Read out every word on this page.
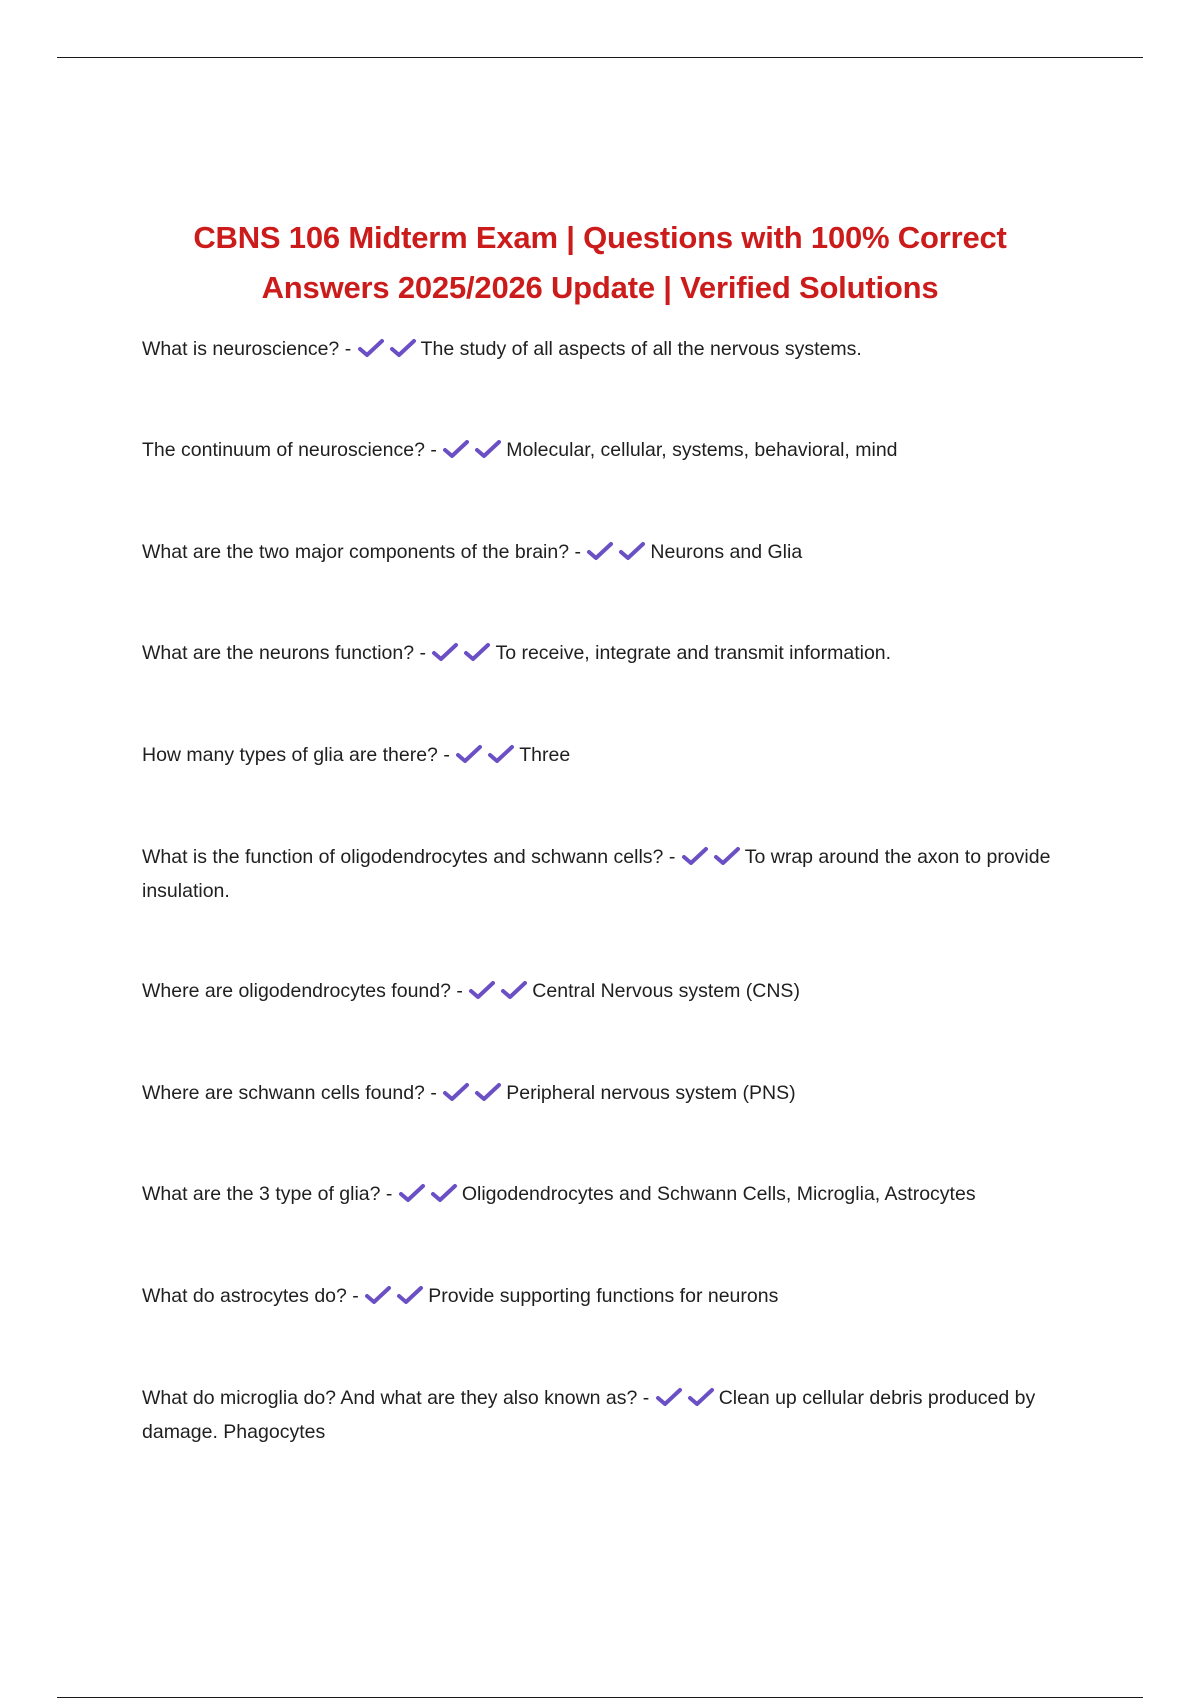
CBNS 106 Midterm Exam | Questions with 100% Correct
Answers 2025/2026 Update | Verified Solutions
What is neuroscience? -	The study of all aspects of all the nervous systems.
The continuum of neuroscience? -	Molecular, cellular, systems, behavioral, mind
What are the two major components of the brain? -	Neurons and Glia
What are the neurons function? -	To receive, integrate and transmit information.
How many types of glia are there? -	Three
What is the function of oligodendrocytes and schwann cells? -	To wrap around the axon to provide insulation.
Where are oligodendrocytes found? -	Central Nervous system (CNS)
Where are schwann cells found? -	Peripheral nervous system (PNS)
What are the 3 type of glia? -	Oligodendrocytes and Schwann Cells, Microglia, Astrocytes
What do astrocytes do? -	Provide supporting functions for neurons
What do microglia do? And what are they also known as? -	Clean up cellular debris produced by damage. Phagocytes
